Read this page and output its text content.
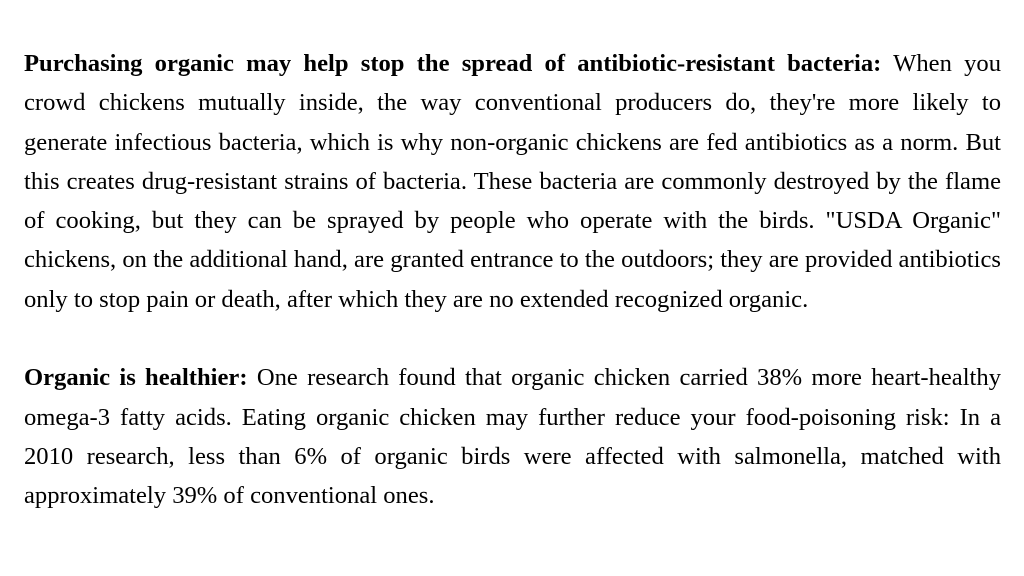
Purchasing organic may help stop the spread of antibiotic-resistant bacteria: When you crowd chickens mutually inside, the way conventional producers do, they're more likely to generate infectious bacteria, which is why non-organic chickens are fed antibiotics as a norm. But this creates drug-resistant strains of bacteria. These bacteria are commonly destroyed by the flame of cooking, but they can be sprayed by people who operate with the birds. "USDA Organic" chickens, on the additional hand, are granted entrance to the outdoors; they are provided antibiotics only to stop pain or death, after which they are no extended recognized organic.

Organic is healthier: One research found that organic chicken carried 38% more heart-healthy omega-3 fatty acids. Eating organic chicken may further reduce your food-poisoning risk: In a 2010 research, less than 6% of organic birds were affected with salmonella, matched with approximately 39% of conventional ones.
